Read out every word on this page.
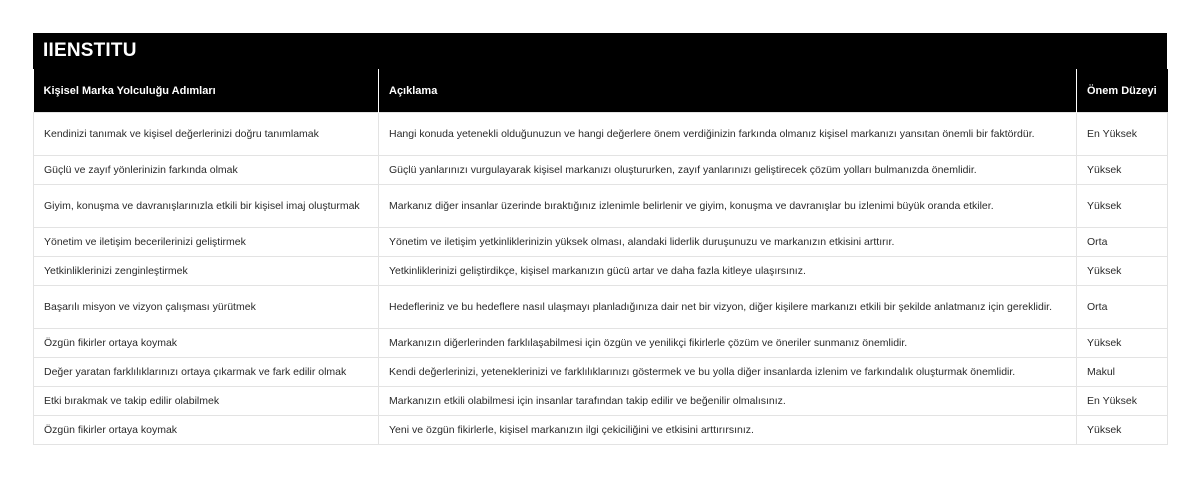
IIENSTITU
Kişisel Marka Yolculuğu Adımları	Açıklama	Önem Düzeyi
Kendinizi tanımak ve kişisel değerlerinizi doğru tanımlamak	Hangi konuda yetenekli olduğunuzun ve hangi değerlere önem verdiğinizin farkında olmanız kişisel markanızı yansıtan önemli bir faktördür.	En Yüksek
Güçlü ve zayıf yönlerinizin farkında olmak	Güçlü yanlarınızı vurgulayarak kişisel markanızı oluştururken, zayıf yanlarınızı geliştirecek çözüm yolları bulmanızda önemlidir.	Yüksek
Giyim, konuşma ve davranışlarınızla etkili bir kişisel imaj oluşturmak	Markanız diğer insanlar üzerinde bıraktığınız izlenimle belirlenir ve giyim, konuşma ve davranışlar bu izlenimi büyük oranda etkiler.	Yüksek
Yönetim ve iletişim becerilerinizi geliştirmek	Yönetim ve iletişim yetkinliklerinizin yüksek olması, alandaki liderlik duruşunuzu ve markanızın etkisini arttırır.	Orta
Yetkinliklerinizi zenginleştirmek	Yetkinliklerinizi geliştirdikçe, kişisel markanızın gücü artar ve daha fazla kitleye ulaşırsınız.	Yüksek
Başarılı misyon ve vizyon çalışması yürütmek	Hedefleriniz ve bu hedeflere nasıl ulaşmayı planladığınıza dair net bir vizyon, diğer kişilere markanızı etkili bir şekilde anlatmanız için gereklidir.	Orta
Özgün fikirler ortaya koymak	Markanızın diğerlerinden farklılaşabilmesi için özgün ve yenilikçi fikirlerle çözüm ve öneriler sunmanız önemlidir.	Yüksek
Değer yaratan farklılıklarınızı ortaya çıkarmak ve fark edilir olmak	Kendi değerlerinizi, yeteneklerinizi ve farklılıklarınızı göstermek ve bu yolla diğer insanlarda izlenim ve farkındalık oluşturmak önemlidir.	Makul
Etki bırakmak ve takip edilir olabilmek	Markanızın etkili olabilmesi için insanlar tarafından takip edilir ve beğenilir olmalısınız.	En Yüksek
Özgün fikirler ortaya koymak	Yeni ve özgün fikirlerle, kişisel markanızın ilgi çekiciliğini ve etkisini arttırırsınız.	Yüksek
